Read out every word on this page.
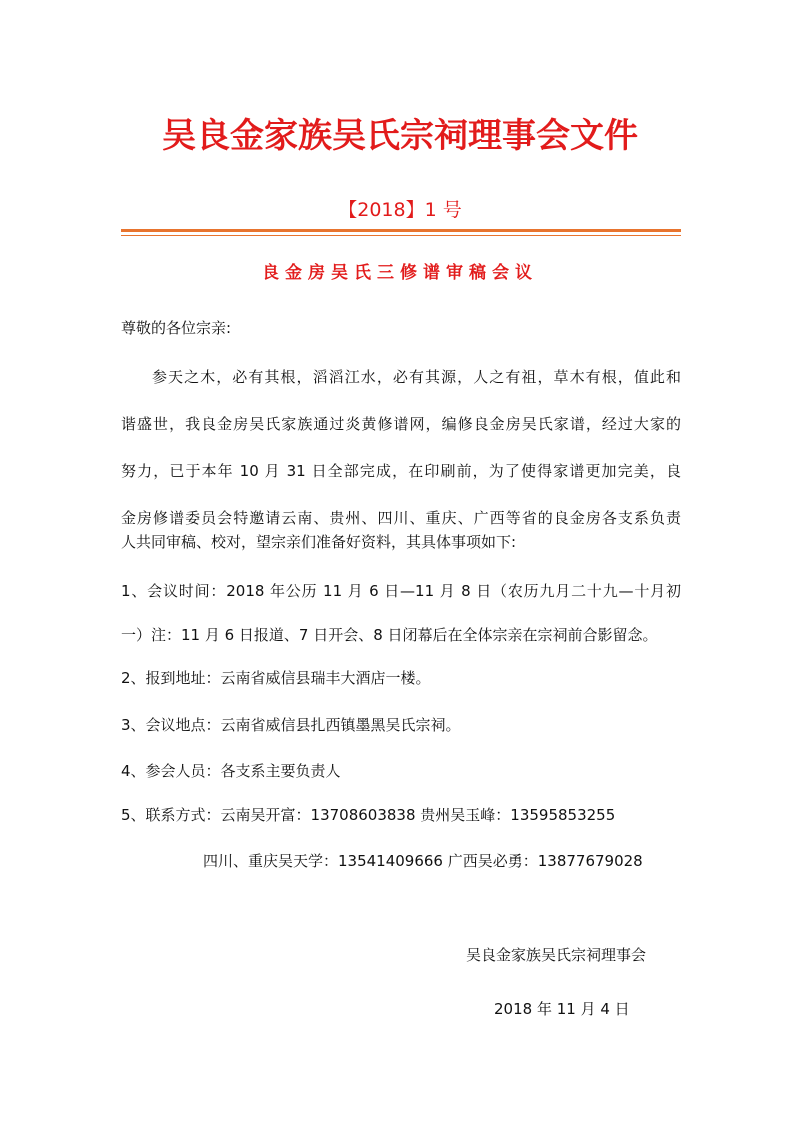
吴良金家族吴氏宗祠理事会文件
【2018】1 号
良金房吴氏三修谱审稿会议
尊敬的各位宗亲:
参天之木，必有其根，滔滔江水，必有其源，人之有祖，草木有根，值此和
谐盛世，我良金房吴氏家族通过炎黄修谱网，编修良金房吴氏家谱，经过大家的
努力，已于本年 10 月 31 日全部完成，在印刷前，为了使得家谱更加完美，良
金房修谱委员会特邀请云南、贵州、四川、重庆、广西等省的良金房各支系负责
人共同审稿、校对，望宗亲们准备好资料，其具体事项如下:
1、会议时间：2018 年公历 11 月 6 日—11 月 8 日（农历九月二十九—十月初
一）注：11 月 6 日报道、7 日开会、8 日闭幕后在全体宗亲在宗祠前合影留念。
2、报到地址：云南省威信县瑞丰大酒店一楼。
3、会议地点：云南省威信县扎西镇墨黑吴氏宗祠。
4、参会人员：各支系主要负责人
5、联系方式：云南吴开富：13708603838 贵州吴玉峰：13595853255
四川、重庆吴天学：13541409666 广西吴必勇：13877679028
吴良金家族吴氏宗祠理事会
2018 年 11 月 4 日
